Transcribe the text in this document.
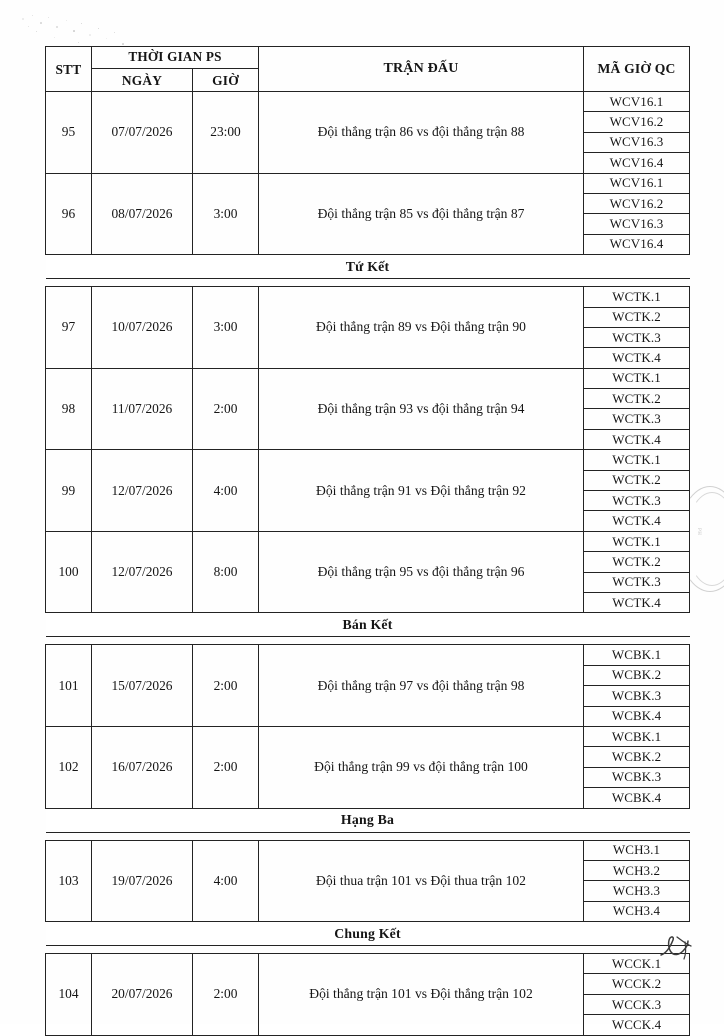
STT	THỜI GIAN PS		TRẬN ĐẤU	MÃ GIỜ QC
	NGÀY	GIỜ		
95	07/07/2026	23:00	Đội thắng trận 86 vs đội thắng trận 88	WCV16.1
				WCV16.2
				WCV16.3
				WCV16.4
96	08/07/2026	3:00	Đội thắng trận 85 vs đội thắng trận 87	WCV16.1
				WCV16.2
				WCV16.3
				WCV16.4
Tứ Kết				

97	10/07/2026	3:00	Đội thắng trận 89 vs Đội thắng trận 90	WCTK.1
				WCTK.2
				WCTK.3
				WCTK.4
98	11/07/2026	2:00	Đội thắng trận 93 vs đội thắng trận 94	WCTK.1
				WCTK.2
				WCTK.3
				WCTK.4
99	12/07/2026	4:00	Đội thắng trận 91 vs Đội thắng trận 92	WCTK.1
				WCTK.2
				WCTK.3
				WCTK.4
100	12/07/2026	8:00	Đội thắng trận 95 vs đội thắng trận 96	WCTK.1
				WCTK.2
				WCTK.3
				WCTK.4
Bán Kết				

101	15/07/2026	2:00	Đội thắng trận 97 vs đội thắng trận 98	WCBK.1
				WCBK.2
				WCBK.3
				WCBK.4
102	16/07/2026	2:00	Đội thắng trận 99 vs đội thắng trận 100	WCBK.1
				WCBK.2
				WCBK.3
				WCBK.4
Hạng Ba				

103	19/07/2026	4:00	Đội thua trận 101 vs Đội thua trận 102	WCH3.1
				WCH3.2
				WCH3.3
				WCH3.4
Chung Kết				

104	20/07/2026	2:00	Đội thắng trận 101 vs Đội thắng trận 102	WCCK.1
				WCCK.2
				WCCK.3
				WCCK.4
PH
